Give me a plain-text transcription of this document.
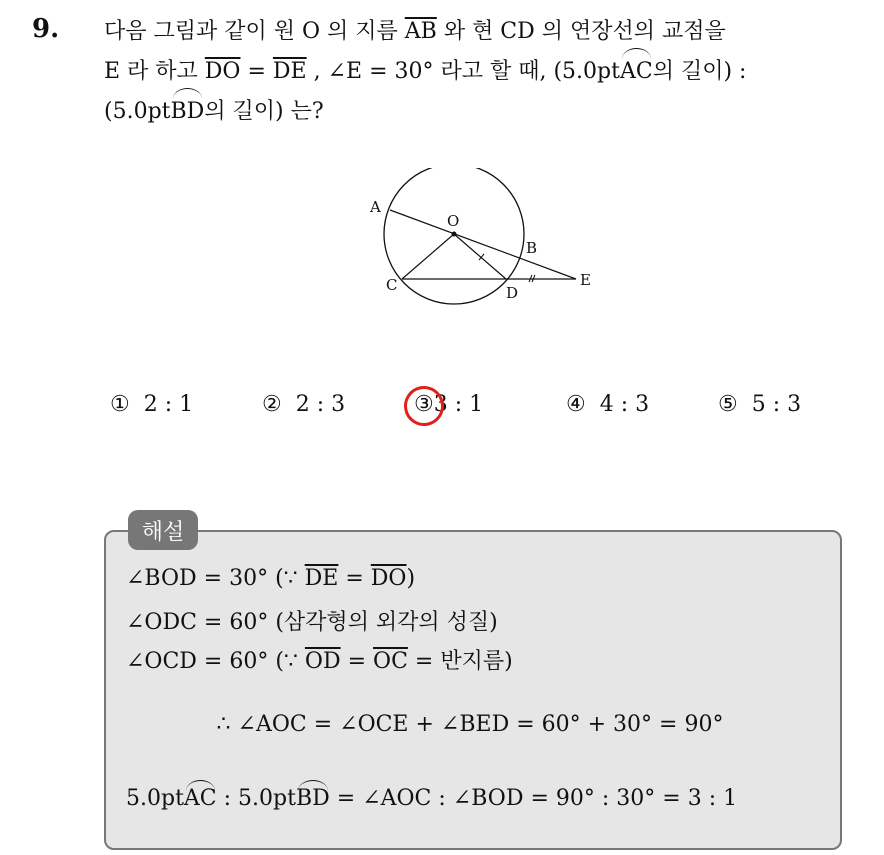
9. 다음 그림과 같이 원 O 의 지름 $\overline{AB}$ 와 현 CD 의 연장선의 교점을
E 라 하고 $\overline{DO} = \overline{DE}$ , ∠E = 30° 라고 할 때, (5.0ptAC의 길이) :
(5.0ptBD의 길이) 는?
A
O
B
C	D
E
① 2 : 1	② 2 : 3	③3 : 1	④ 4 : 3	⑤ 5 : 3
해설
∠BOD = 30° (∵ $\overline{DE} = \overline{DO}$)
∠ODC = 60° (삼각형의 외각의 성질)
∠OCD = 60° (∵ $\overline{OD} = \overline{OC}$ = 반지름)
∴ ∠AOC = ∠OCE + ∠BED = 60° + 30° = 90°
5.0ptAC : 5.0ptBD = ∠AOC : ∠BOD = 90° : 30° = 3 : 1
